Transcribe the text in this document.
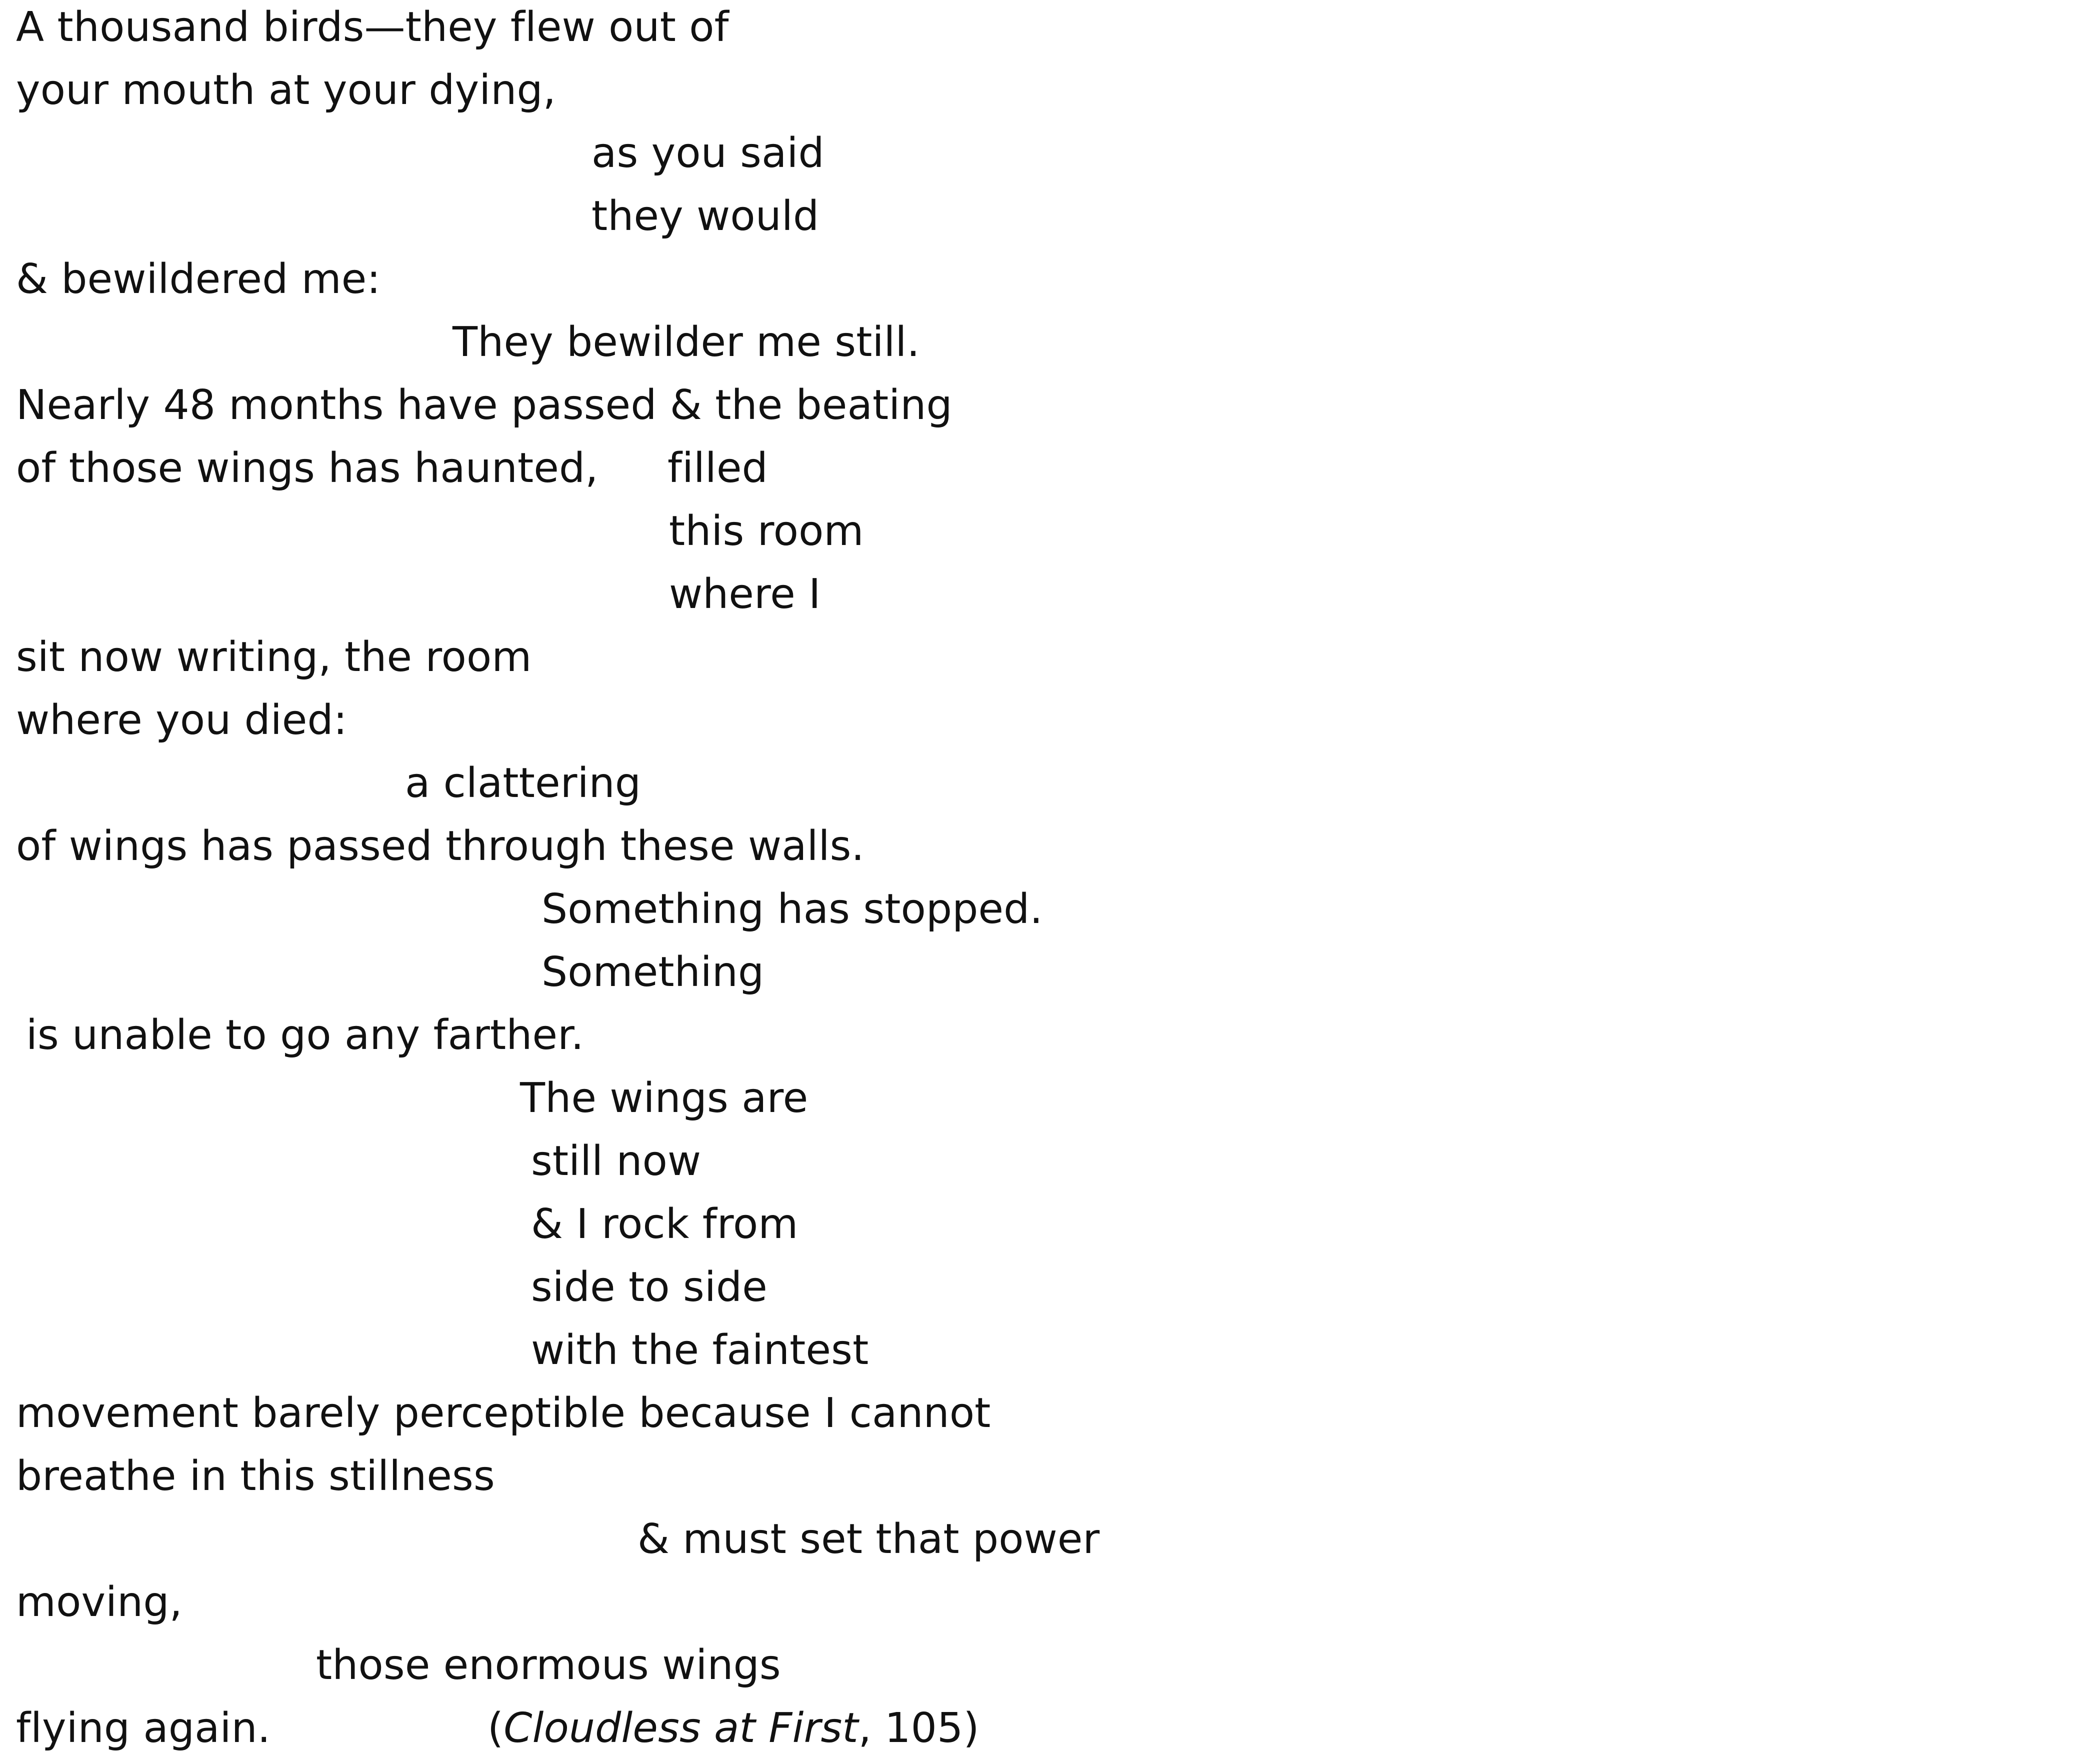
A thousand birds—they flew out of
your mouth at your dying,
as you said
they would
& bewildered me:
They bewilder me still.
Nearly 48 months have passed & the beating
of those wings has haunted, filled
this room
where I
sit now writing, the room
where you died:
a clattering
of wings has passed through these walls.
Something has stopped.
Something
is unable to go any farther.
The wings are
still now
& I rock from
side to side
with the faintest
movement barely perceptible because I cannot
breathe in this stillness
& must set that power
moving,
those enormous wings
flying again.	(Cloudless at First, 105)
